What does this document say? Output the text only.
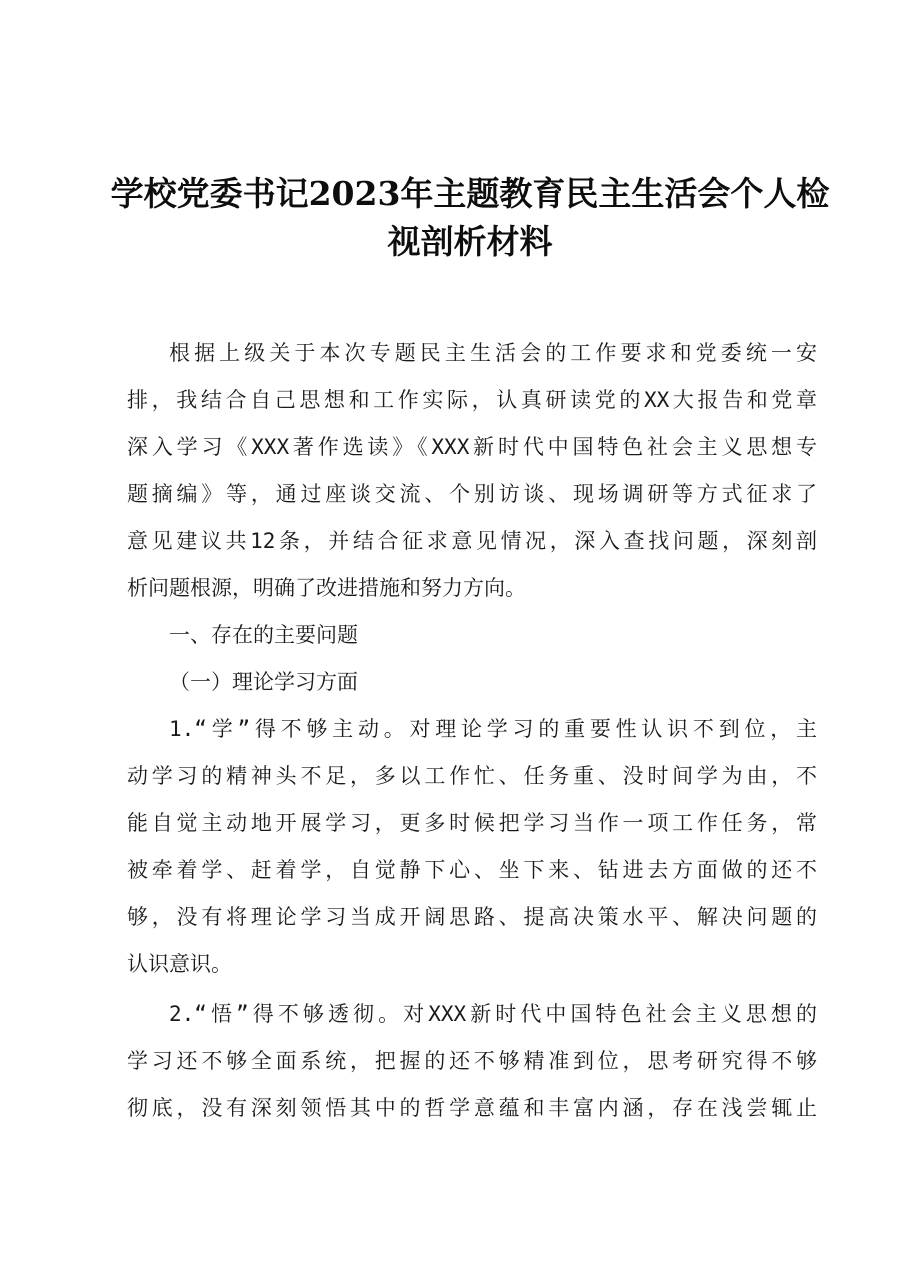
学校党委书记2023年主题教育民主生活会个人检
视剖析材料

根据上级关于本次专题民主生活会的工作要求和党委统一安
排，我结合自己思想和工作实际，认真研读党的XX大报告和党章
深入学习《XXX著作选读》《XXX新时代中国特色社会主义思想专
题摘编》等，通过座谈交流、个别访谈、现场调研等方式征求了
意见建议共12条，并结合征求意见情况，深入查找问题，深刻剖
析问题根源，明确了改进措施和努力方向。

一、存在的主要问题

（一）理论学习方面

1.“学”得不够主动。对理论学习的重要性认识不到位，主
动学习的精神头不足，多以工作忙、任务重、没时间学为由，不
能自觉主动地开展学习，更多时候把学习当作一项工作任务，常
被牵着学、赶着学，自觉静下心、坐下来、钻进去方面做的还不
够，没有将理论学习当成开阔思路、提高决策水平、解决问题的
认识意识。

2.“悟”得不够透彻。对XXX新时代中国特色社会主义思想的
学习还不够全面系统，把握的还不够精准到位，思考研究得不够
彻底，没有深刻领悟其中的哲学意蕴和丰富内涵，存在浅尝辄止
